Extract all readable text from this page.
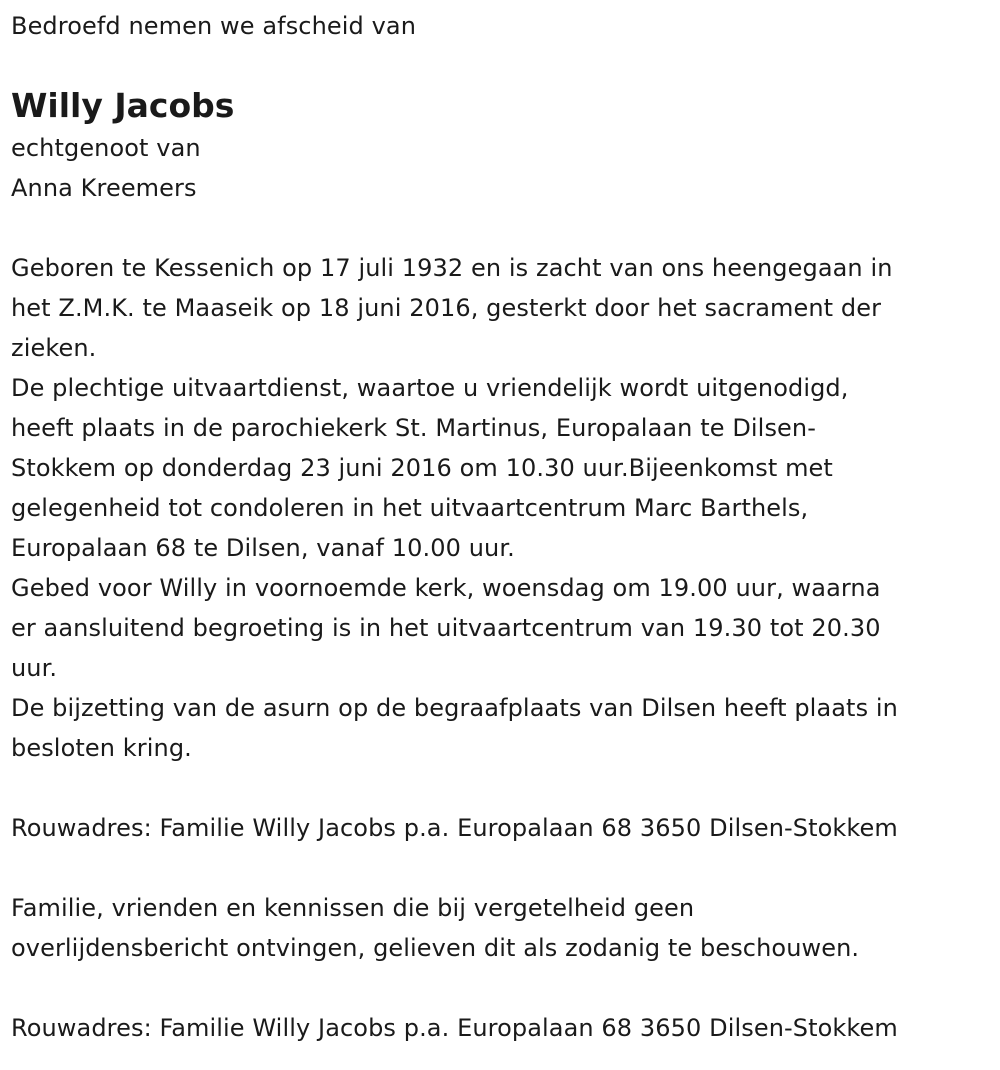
Bedroefd nemen we afscheid van
Willy Jacobs
echtgenoot van
Anna Kreemers
Geboren te Kessenich op 17 juli 1932 en is zacht van ons heengegaan in
het Z.M.K. te Maaseik op 18 juni 2016, gesterkt door het sacrament der
zieken.
De plechtige uitvaartdienst, waartoe u vriendelijk wordt uitgenodigd,
heeft plaats in de parochiekerk St. Martinus, Europalaan te Dilsen-
Stokkem op donderdag 23 juni 2016 om 10.30 uur.Bijeenkomst met
gelegenheid tot condoleren in het uitvaartcentrum Marc Barthels,
Europalaan 68 te Dilsen, vanaf 10.00 uur.
Gebed voor Willy in voornoemde kerk, woensdag om 19.00 uur, waarna
er aansluitend begroeting is in het uitvaartcentrum van 19.30 tot 20.30
uur.
De bijzetting van de asurn op de begraafplaats van Dilsen heeft plaats in
besloten kring.
Rouwadres: Familie Willy Jacobs p.a. Europalaan 68 3650 Dilsen-Stokkem
Familie, vrienden en kennissen die bij vergetelheid geen
overlijdensbericht ontvingen, gelieven dit als zodanig te beschouwen.
Rouwadres: Familie Willy Jacobs p.a. Europalaan 68 3650 Dilsen-Stokkem
